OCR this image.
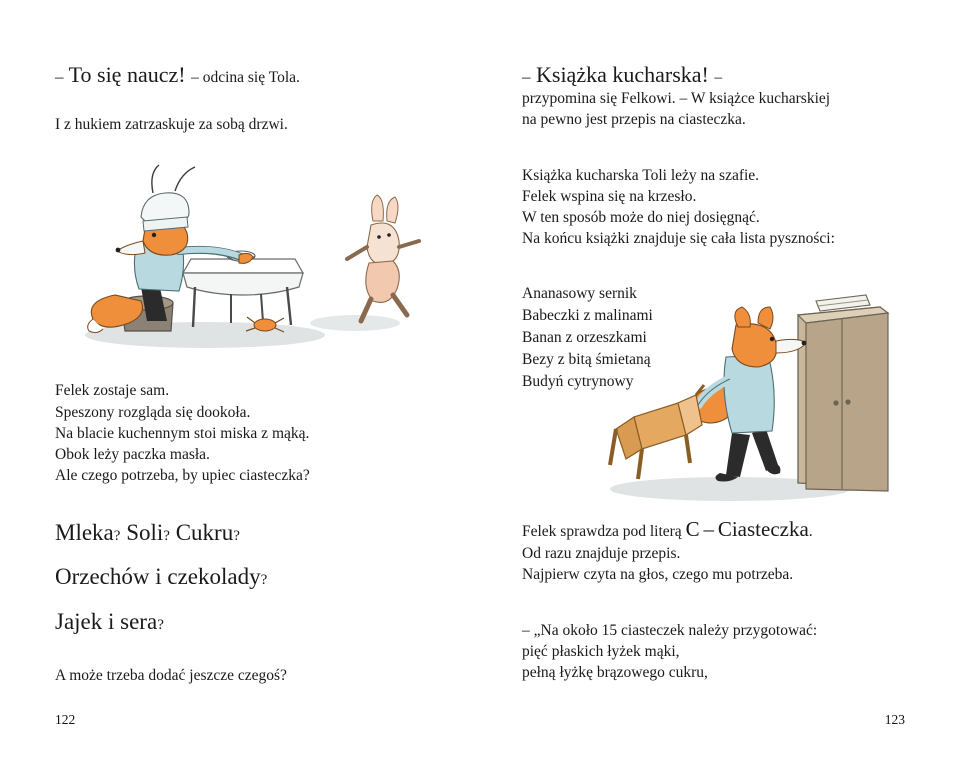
– To się naucz! – odcina się Tola.

I z hukiem zatrzaskuje za sobą drzwi.

Felek zostaje sam.

Speszony rozgląda się dookoła.

Na blacie kuchennym stoi miska z mąką.

Obok leży paczka masła.

Ale czego potrzeba, by upiec ciasteczka?

Mleka? Soli? Cukru?
Orzechów i czekolady?
Jajek i sera?

A może trzeba dodać jeszcze czegoś?

122
– Książka kucharska! –

przypomina się Felkowi. – W książce kucharskiej

na pewno jest przepis na ciasteczka.

Książka kucharska Toli leży na szafie.

Felek wspina się na krzesło.

W ten sposób może do niej dosięgnąć.

Na końcu książki znajduje się cała lista pyszności:

Ananasowy sernik
Babeczki z malinami
Banan z orzeszkami
Bezy z bitą śmietaną
Budyń cytrynowy

Felek sprawdza pod literą C – Ciasteczka.

Od razu znajduje przepis.

Najpierw czyta na głos, czego mu potrzeba.

– „Na około 15 ciasteczek należy przygotować:

pięć płaskich łyżek mąki,

pełną łyżkę brązowego cukru,

123
